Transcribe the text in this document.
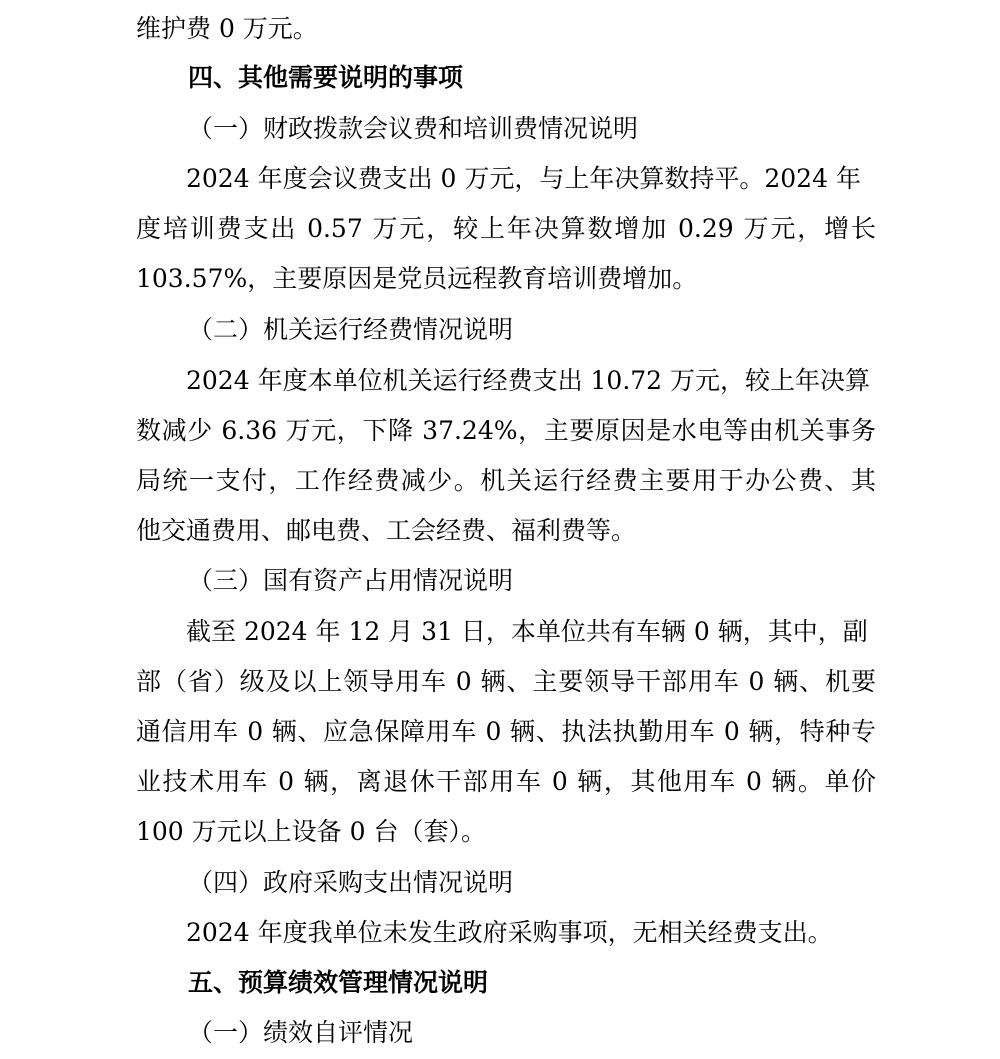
维护费 0 万元。
四、其他需要说明的事项
（一）财政拨款会议费和培训费情况说明
2024 年度会议费支出 0 万元，与上年决算数持平。2024 年
度培训费支出 0.57 万元，较上年决算数增加 0.29 万元，增长
103.57%，主要原因是党员远程教育培训费增加。
（二）机关运行经费情况说明
2024 年度本单位机关运行经费支出 10.72 万元，较上年决算
数减少 6.36 万元，下降 37.24%，主要原因是水电等由机关事务
局统一支付，工作经费减少。机关运行经费主要用于办公费、其
他交通费用、邮电费、工会经费、福利费等。
（三）国有资产占用情况说明
截至 2024 年 12 月 31 日，本单位共有车辆 0 辆，其中，副
部（省）级及以上领导用车 0 辆、主要领导干部用车 0 辆、机要
通信用车 0 辆、应急保障用车 0 辆、执法执勤用车 0 辆，特种专
业技术用车 0 辆，离退休干部用车 0 辆，其他用车 0 辆。单价
100 万元以上设备 0 台（套）。
（四）政府采购支出情况说明
2024 年度我单位未发生政府采购事项，无相关经费支出。
五、预算绩效管理情况说明
（一）绩效自评情况
